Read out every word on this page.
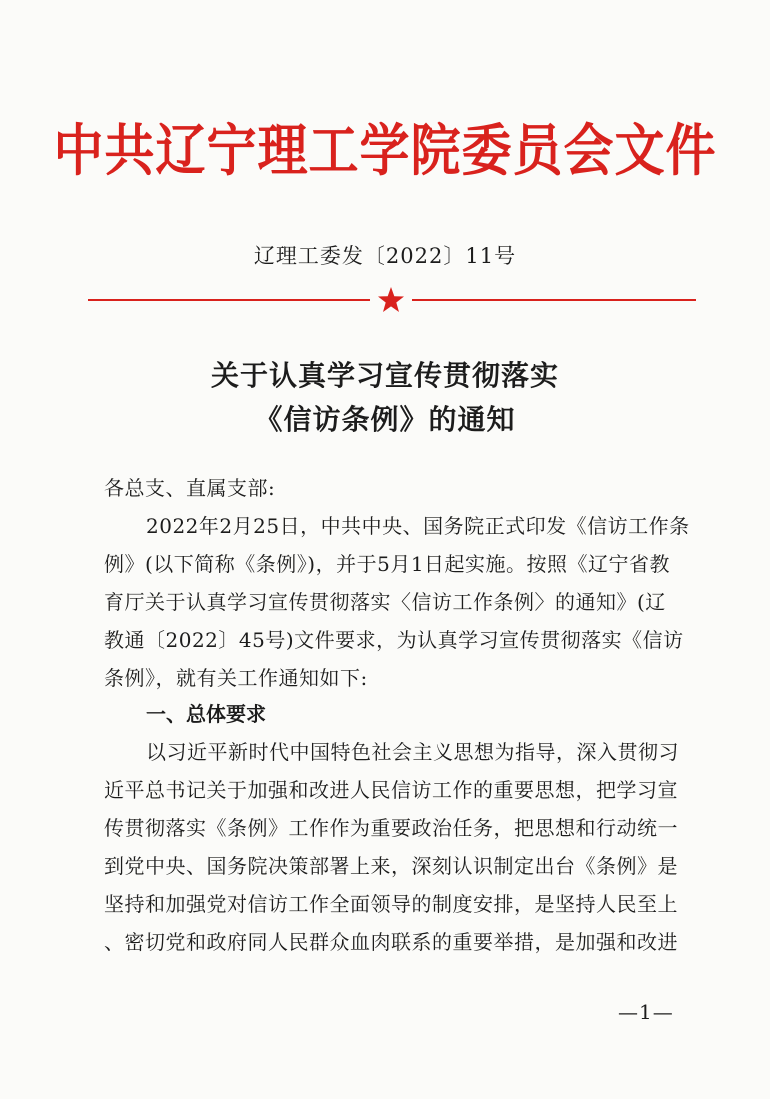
中共辽宁理工学院委员会文件
辽理工委发〔2022〕11号
关于认真学习宣传贯彻落实
《信访条例》的通知
各总支、直属支部:
2022年2月25日，中共中央、国务院正式印发《信访工作条
例》(以下简称《条例》)，并于5月1日起实施。按照《辽宁省教
育厅关于认真学习宣传贯彻落实〈信访工作条例〉的通知》(辽
教通〔2022〕45号)文件要求，为认真学习宣传贯彻落实《信访
条例》，就有关工作通知如下:
一、总体要求
以习近平新时代中国特色社会主义思想为指导，深入贯彻习
近平总书记关于加强和改进人民信访工作的重要思想，把学习宣
传贯彻落实《条例》工作作为重要政治任务，把思想和行动统一
到党中央、国务院决策部署上来，深刻认识制定出台《条例》是
坚持和加强党对信访工作全面领导的制度安排，是坚持人民至上
、密切党和政府同人民群众血肉联系的重要举措，是加强和改进
—1—
